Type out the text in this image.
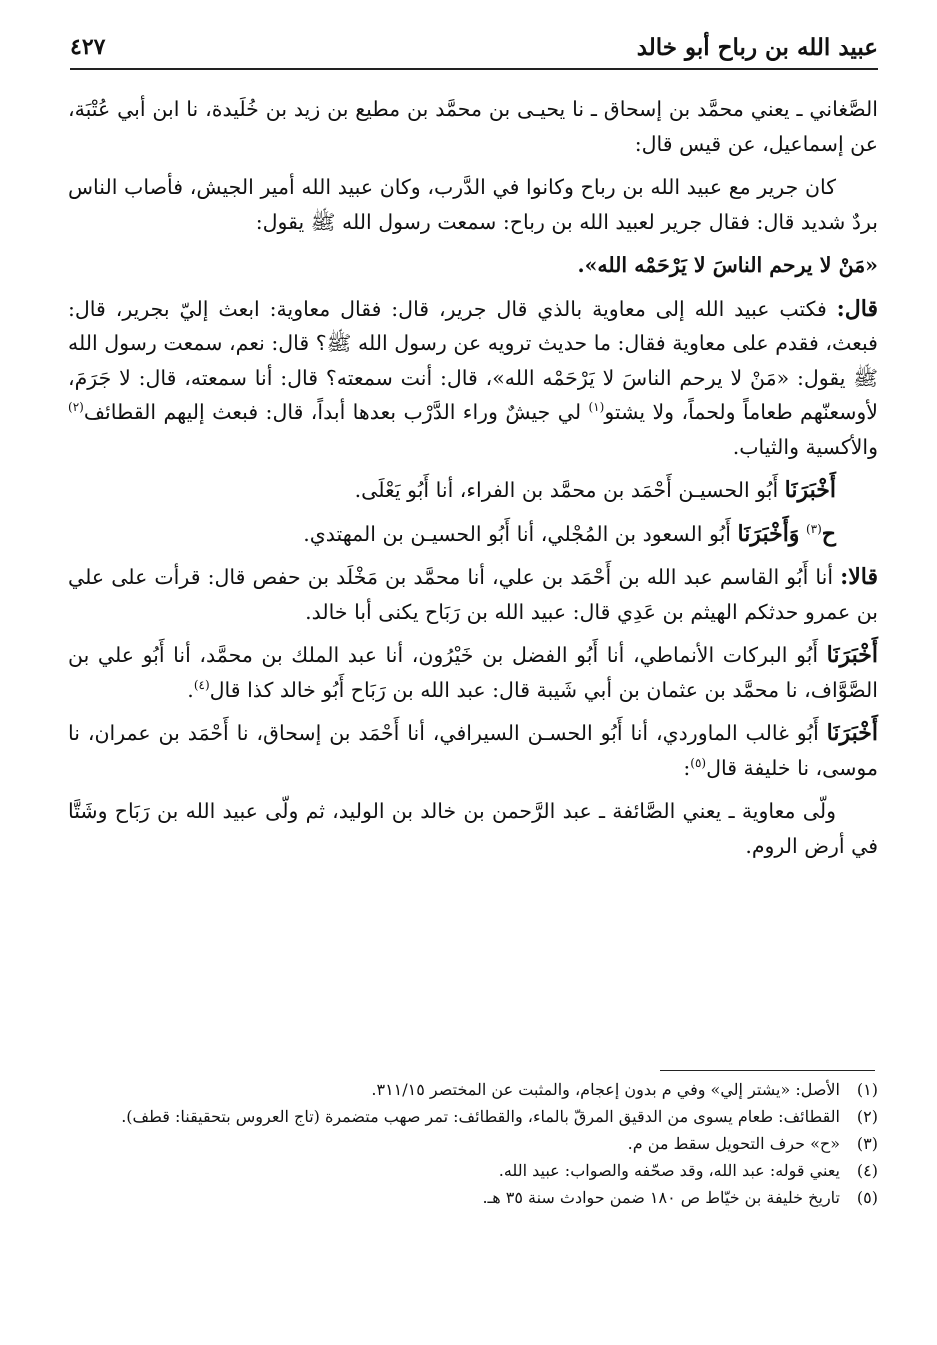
عبيد الله بن رباح أبو خالد
٤٢٧

الصَّغاني ـ يعني محمَّد بن إسحاق ـ نا يحيـى بن محمَّد بن مطيع بن زيد بن خُلَيدة، نا ابن أبي عُتْبَة، عن إسماعيل، عن قيس قال:

كان جرير مع عبيد الله بن رباح وكانوا في الدَّرب، وكان عبيد الله أمير الجيش، فأصاب الناس بردٌ شديد قال: فقال جرير لعبيد الله بن رباح: سمعت رسول الله ﷺ يقول:

«مَنْ لا يرحم الناسَ لا يَرْحَمْه الله».

قال: فكتب عبيد الله إلى معاوية بالذي قال جرير، قال: فقال معاوية: ابعث إليّ بجرير، قال: فبعث، فقدم على معاوية فقال: ما حديث ترويه عن رسول الله ﷺ؟ قال: نعم، سمعت رسول الله ﷺ يقول: «مَنْ لا يرحم الناسَ لا يَرْحَمْه الله»، قال: أنت سمعته؟ قال: أنا سمعته، قال: لا جَرَمَ، لأوسعنّهم طعاماً ولحماً، ولا يشتو$^{(١)}$ لي جيشٌ وراء الدَّرْب بعدها أبداً، قال: فبعث إليهم القطائف$^{(٢)}$ والأكسية والثياب.

أَخْبَرَنَا أَبُو الحسيـن أَحْمَد بن محمَّد بن الفراء، أنا أَبُو يَعْلَى.

ح$^{(٣)}$ وَأَخْبَرَنَا أَبُو السعود بن المُجْلي، أنا أَبُو الحسيـن بن المهتدي.

قالا: أنا أَبُو القاسم عبد الله بن أَحْمَد بن علي، أنا محمَّد بن مَخْلَد بن حفص قال: قرأت على علي بن عمرو حدثكم الهيثم بن عَدِي قال: عبيد الله بن رَبَاح يكنى أبا خالد.

أَخْبَرَنَا أَبُو البركات الأنماطي، أنا أَبُو الفضل بن خَيْرُون، أنا عبد الملك بن محمَّد، أنا أَبُو علي بن الصَّوَّاف، نا محمَّد بن عثمان بن أبي شَيبة قال: عبد الله بن رَبَاح أَبُو خالد كذا قال$^{(٤)}$.

أَخْبَرَنَا أَبُو غالب الماوردي، أنا أَبُو الحسـن السيرافي، أنا أَحْمَد بن إسحاق، نا أَحْمَد بن عمران، نا موسى، نا خليفة قال$^{(٥)}$:

ولّى معاوية ـ يعني الصَّائفة ـ عبد الرَّحمن بن خالد بن الوليد، ثم ولّى عبيد الله بن رَبَاح وشَتَّا في أرض الروم.

(١)
الأصل: «يشتر إلي» وفي م بدون إعجام، والمثبت عن المختصر ٣١١/١٥.
(٢)
القطائف: طعام يسوى من الدقيق المرقّ بالماء، والقطائف: تمر صهب متضمرة (تاج العروس بتحقيقنا: قطف).
(٣)
«ح» حرف التحويل سقط من م.
(٤)
يعني قوله: عبد الله، وقد صحّفه والصواب: عبيد الله.
(٥)
تاريخ خليفة بن خيّاط ص ١٨٠ ضمن حوادث سنة ٣٥ هـ.
